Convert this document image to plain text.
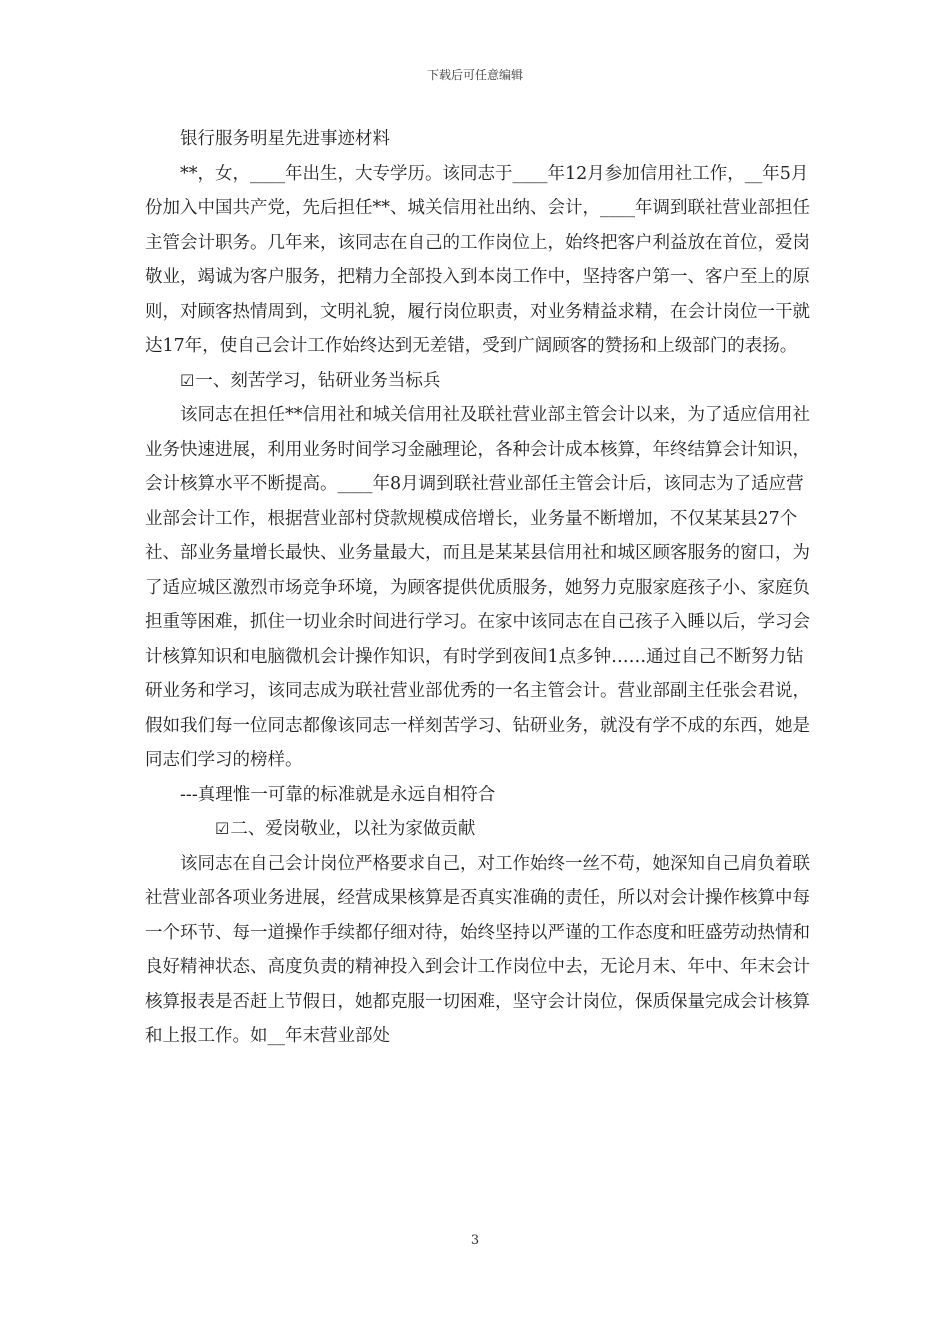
下载后可任意编辑

银行服务明星先进事迹材料

**，女，____年出生，大专学历。该同志于____年12月参加信用社工作，__年5月份加入中国共产党，先后担任**、城关信用社出纳、会计，____年调到联社营业部担任主管会计职务。几年来，该同志在自己的工作岗位上，始终把客户利益放在首位，爱岗敬业，竭诚为客户服务，把精力全部投入到本岗工作中，坚持客户第一、客户至上的原则，对顾客热情周到，文明礼貌，履行岗位职责，对业务精益求精，在会计岗位一干就达17年，使自己会计工作始终达到无差错，受到广阔顾客的赞扬和上级部门的表扬。☑一、刻苦学习，钻研业务当标兵

该同志在担任**信用社和城关信用社及联社营业部主管会计以来，为了适应信用社业务快速进展，利用业务时间学习金融理论，各种会计成本核算，年终结算会计知识，会计核算水平不断提高。____年8月调到联社营业部任主管会计后，该同志为了适应营业部会计工作，根据营业部村贷款规模成倍增长，业务量不断增加，不仅某某县27个社、部业务量增长最快、业务量最大，而且是某某县信用社和城区顾客服务的窗口，为了适应城区激烈市场竞争环境，为顾客提供优质服务，她努力克服家庭孩子小、家庭负担重等困难，抓住一切业余时间进行学习。在家中该同志在自己孩子入睡以后，学习会计核算知识和电脑微机会计操作知识，有时学到夜间1点多钟……通过自己不断努力钻研业务和学习，该同志成为联社营业部优秀的一名主管会计。营业部副主任张会君说，假如我们每一位同志都像该同志一样刻苦学习、钻研业务，就没有学不成的东西，她是同志们学习的榜样。

---真理惟一可靠的标准就是永远自相符合

☑二、爱岗敬业，以社为家做贡献

该同志在自己会计岗位严格要求自己，对工作始终一丝不苟，她深知自己肩负着联社营业部各项业务进展，经营成果核算是否真实准确的责任，所以对会计操作核算中每一个环节、每一道操作手续都仔细对待，始终坚持以严谨的工作态度和旺盛劳动热情和良好精神状态、高度负责的精神投入到会计工作岗位中去，无论月末、年中、年末会计核算报表是否赶上节假日，她都克服一切困难，坚守会计岗位，保质保量完成会计核算和上报工作。如__年末营业部处

3
